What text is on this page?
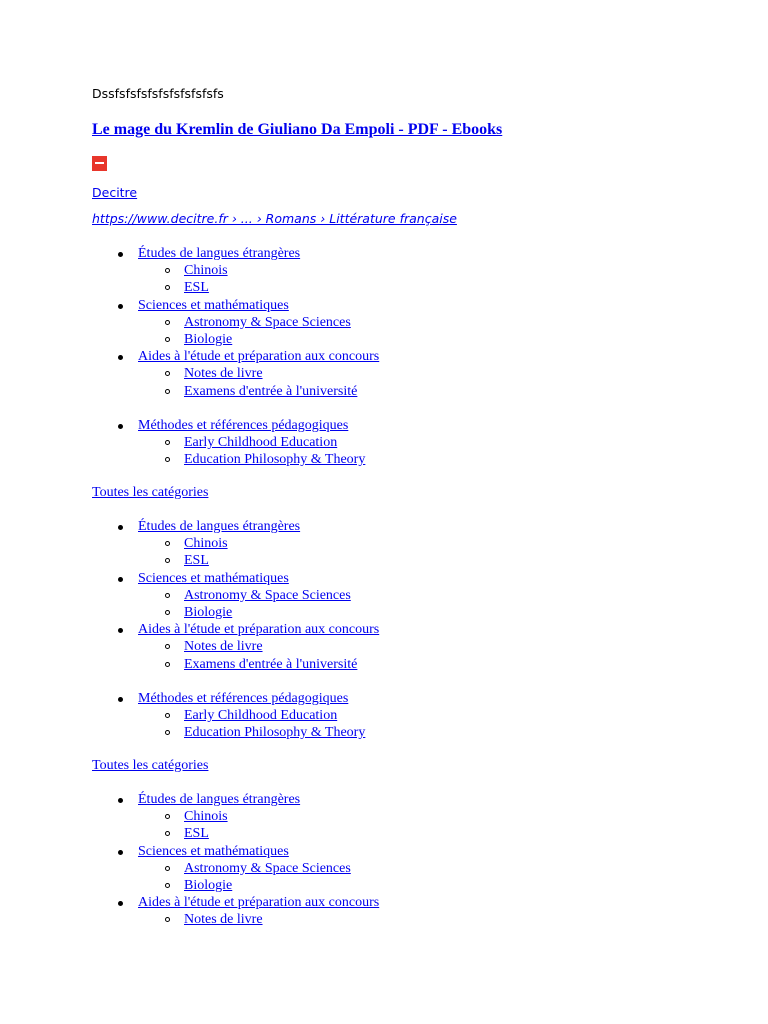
Dssfsfsfsfsfsfsfsfsfsfs
Le mage du Kremlin de Giuliano Da Empoli - PDF - Ebooks
Decitre
https://www.decitre.fr › ... › Romans › Littérature française
Études de langues étrangères
Chinois
ESL
Sciences et mathématiques
Astronomy & Space Sciences
Biologie
Aides à l'étude et préparation aux concours
Notes de livre
Examens d'entrée à l'université
Méthodes et références pédagogiques
Early Childhood Education
Education Philosophy & Theory
Toutes les catégories
Études de langues étrangères
Chinois
ESL
Sciences et mathématiques
Astronomy & Space Sciences
Biologie
Aides à l'étude et préparation aux concours
Notes de livre
Examens d'entrée à l'université
Méthodes et références pédagogiques
Early Childhood Education
Education Philosophy & Theory
Toutes les catégories
Études de langues étrangères
Chinois
ESL
Sciences et mathématiques
Astronomy & Space Sciences
Biologie
Aides à l'étude et préparation aux concours
Notes de livre
